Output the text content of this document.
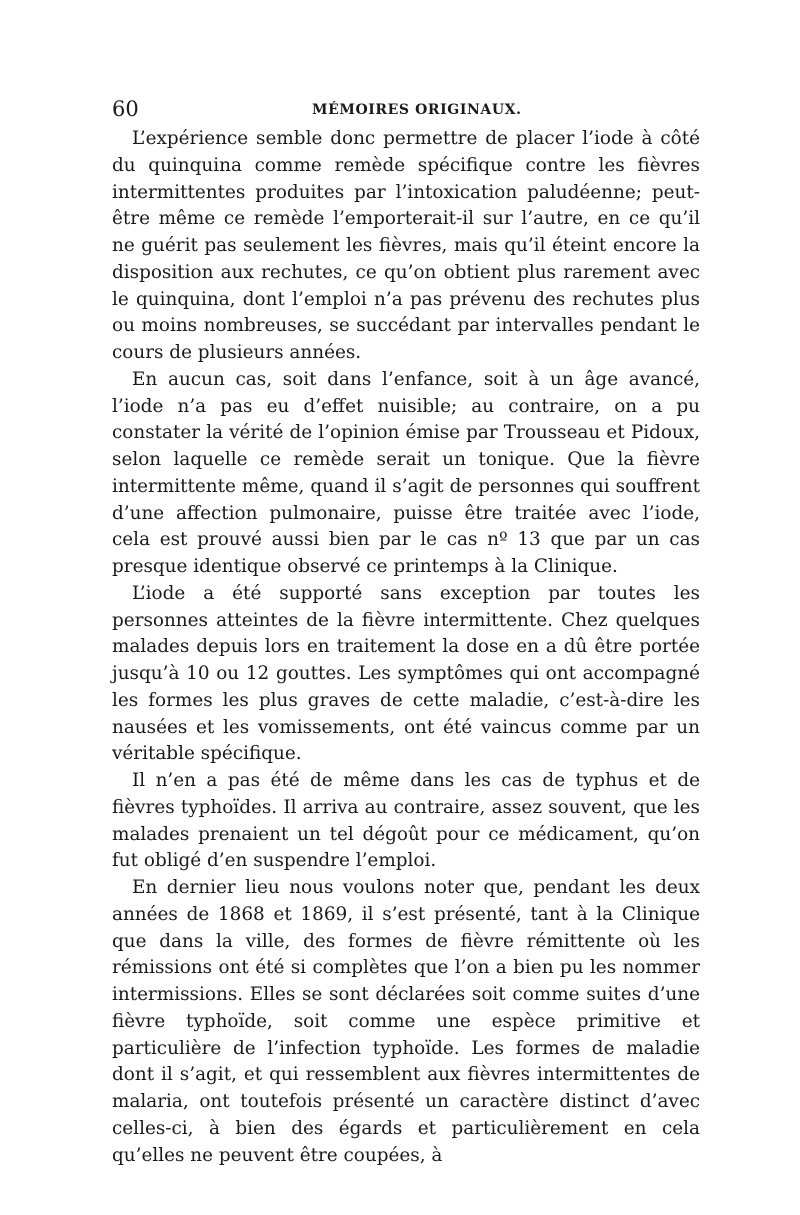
60	MÉMOIRES ORIGINAUX.

L’expérience semble donc permettre de placer l’iode à côté du quinquina comme remède spécifique contre les fièvres intermittentes produites par l’intoxication paludéenne; peut-être même ce remède l’emporterait-il sur l’autre, en ce qu’il ne guérit pas seulement les fièvres, mais qu’il éteint encore la disposition aux rechutes, ce qu’on obtient plus rarement avec le quinquina, dont l’emploi n’a pas prévenu des rechutes plus ou moins nombreuses, se succédant par intervalles pendant le cours de plusieurs années.

En aucun cas, soit dans l’enfance, soit à un âge avancé, l’iode n’a pas eu d’effet nuisible; au contraire, on a pu constater la vérité de l’opinion émise par Trousseau et Pidoux, selon laquelle ce remède serait un tonique. Que la fièvre intermittente même, quand il s’agit de personnes qui souffrent d’une affection pulmonaire, puisse être traitée avec l’iode, cela est prouvé aussi bien par le cas nº 13 que par un cas presque identique observé ce printemps à la Clinique.

L’iode a été supporté sans exception par toutes les personnes atteintes de la fièvre intermittente. Chez quelques malades depuis lors en traitement la dose en a dû être portée jusqu’à 10 ou 12 gouttes. Les symptômes qui ont accompagné les formes les plus graves de cette maladie, c’est-à-dire les nausées et les vomissements, ont été vaincus comme par un véritable spécifique.

Il n’en a pas été de même dans les cas de typhus et de fièvres typhoïdes. Il arriva au contraire, assez souvent, que les malades prenaient un tel dégoût pour ce médicament, qu’on fut obligé d’en suspendre l’emploi.

En dernier lieu nous voulons noter que, pendant les deux années de 1868 et 1869, il s’est présenté, tant à la Clinique que dans la ville, des formes de fièvre rémittente où les rémissions ont été si complètes que l’on a bien pu les nommer intermissions. Elles se sont déclarées soit comme suites d’une fièvre typhoïde, soit comme une espèce primitive et particulière de l’infection typhoïde. Les formes de maladie dont il s’agit, et qui ressemblent aux fièvres intermittentes de malaria, ont toutefois présenté un caractère distinct d’avec celles-ci, à bien des égards et particulièrement en cela qu’elles ne peuvent être coupées, à
